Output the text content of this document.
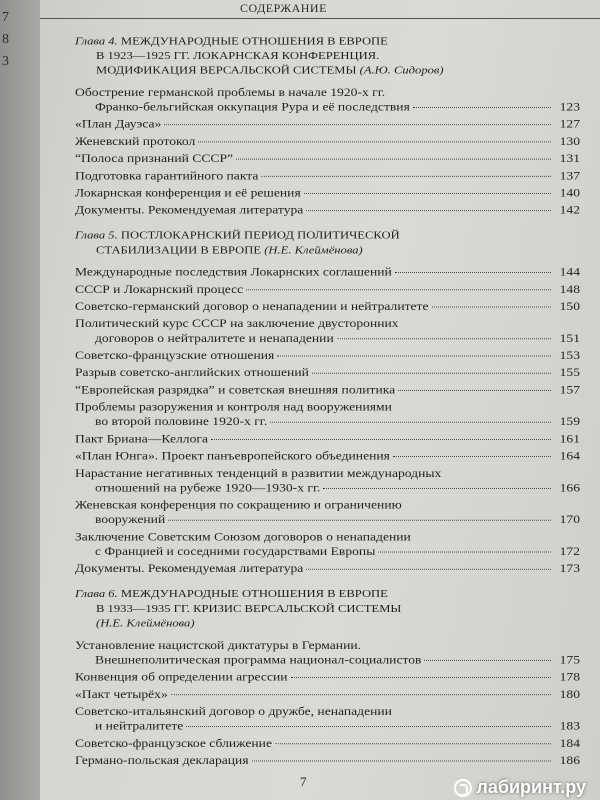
7
8
3
СОДЕРЖАНИЕ
Глава 4. МЕЖДУНАРОДНЫЕ ОТНОШЕНИЯ В ЕВРОПЕ
В 1923—1925 ГГ. ЛОКАРНСКАЯ КОНФЕРЕНЦИЯ.
МОДИФИКАЦИЯ ВЕРСАЛЬСКОЙ СИСТЕМЫ (А.Ю. Сидоров)
Обострение германской проблемы в начале 1920-х гг.
Франко-бельгийская оккупация Рура и её последствия	123
«План Дауэса»	127
Женевский протокол	130
“Полоса признаний СССР”	131
Подготовка гарантийного пакта	137
Локарнская конференция и её решения	140
Документы. Рекомендуемая литература	142
Глава 5. ПОСТЛОКАРНСКИЙ ПЕРИОД ПОЛИТИЧЕСКОЙ
СТАБИЛИЗАЦИИ В ЕВРОПЕ (Н.Е. Клеймёнова)
Международные последствия Локарнских соглашений	144
СССР и Локарнский процесс	148
Советско-германский договор о ненападении и нейтралитете	150
Политический курс СССР на заключение двусторонних
договоров о нейтралитете и ненападении	151
Советско-французские отношения	153
Разрыв советско-английских отношений	155
“Европейская разрядка” и советская внешняя политика	157
Проблемы разоружения и контроля над вооружениями
во второй половине 1920-х гг.	159
Пакт Бриана—Келлога	161
«План Юнга». Проект панъевропейского объединения	164
Нарастание негативных тенденций в развитии международных
отношений на рубеже 1920—1930-х гг.	166
Женевская конференция по сокращению и ограничению
вооружений	170
Заключение Советским Союзом договоров о ненападении
с Францией и соседними государствами Европы	172
Документы. Рекомендуемая литература	173
Глава 6. МЕЖДУНАРОДНЫЕ ОТНОШЕНИЯ В ЕВРОПЕ
В 1933—1935 ГГ. КРИЗИС ВЕРСАЛЬСКОЙ СИСТЕМЫ
(Н.Е. Клеймёнова)
Установление нацистской диктатуры в Германии.
Внешнеполитическая программа национал-социалистов	175
Конвенция об определении агрессии	178
«Пакт четырёх»	180
Советско-итальянский договор о дружбе, ненападении
и нейтралитете	183
Советско-французское сближение	184
Германо-польская декларация	186
7	лабиринт.ру
